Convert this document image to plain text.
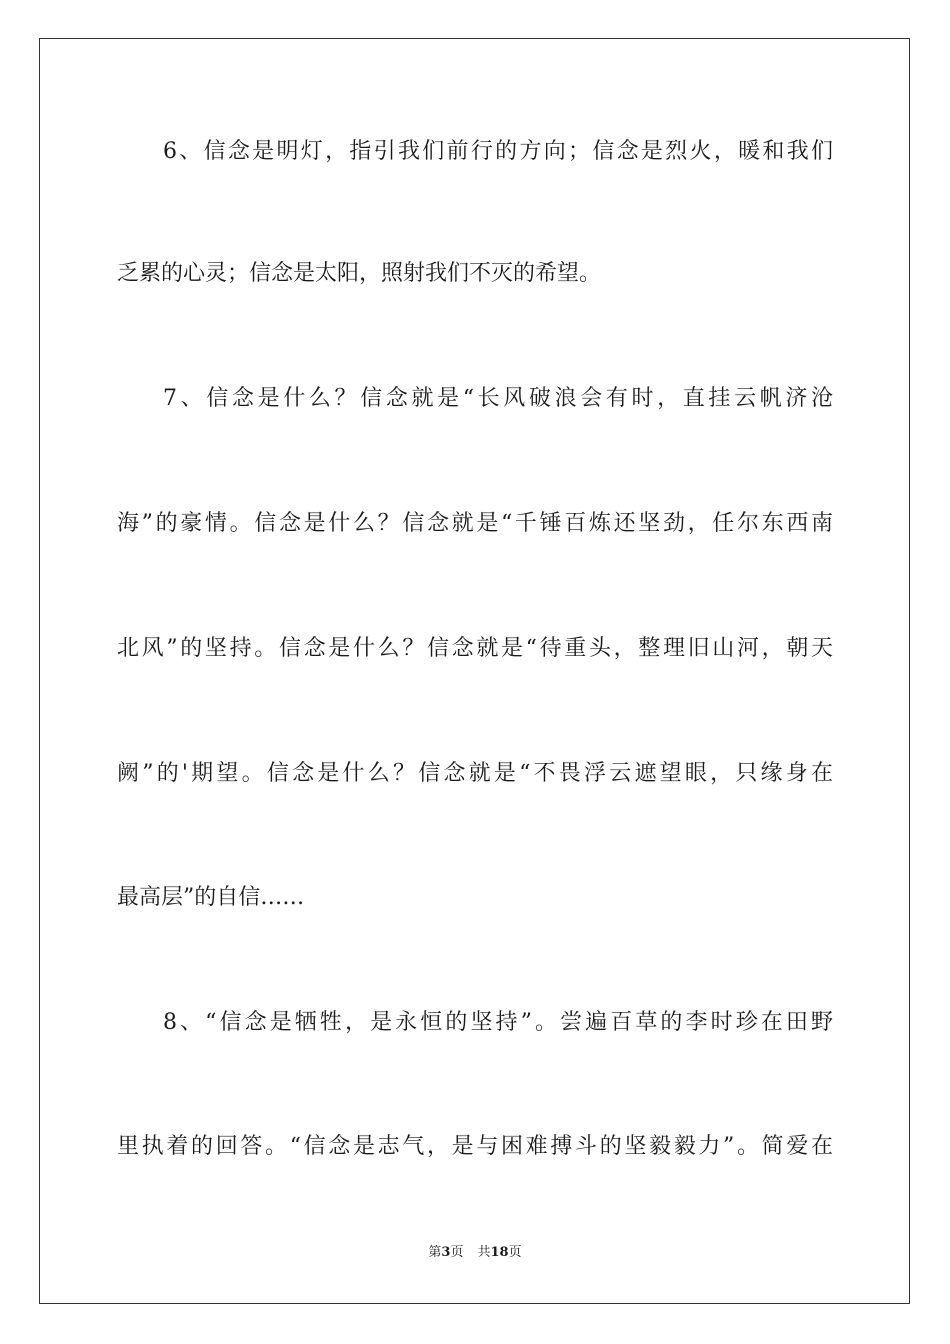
6、信念是明灯，指引我们前行的方向；信念是烈火，暖和我们
乏累的心灵；信念是太阳，照射我们不灭的希望。
7、信念是什么？信念就是“长风破浪会有时，直挂云帆济沧
海”的豪情。信念是什么？信念就是“千锤百炼还坚劲，任尔东西南
北风”的坚持。信念是什么？信念就是“待重头，整理旧山河，朝天
阙”的'期望。信念是什么？信念就是“不畏浮云遮望眼，只缘身在
最高层”的自信……
8、“信念是牺牲，是永恒的坚持”。尝遍百草的李时珍在田野
里执着的回答。“信念是志气，是与困难搏斗的坚毅毅力”。简爱在
第3页 共18页
